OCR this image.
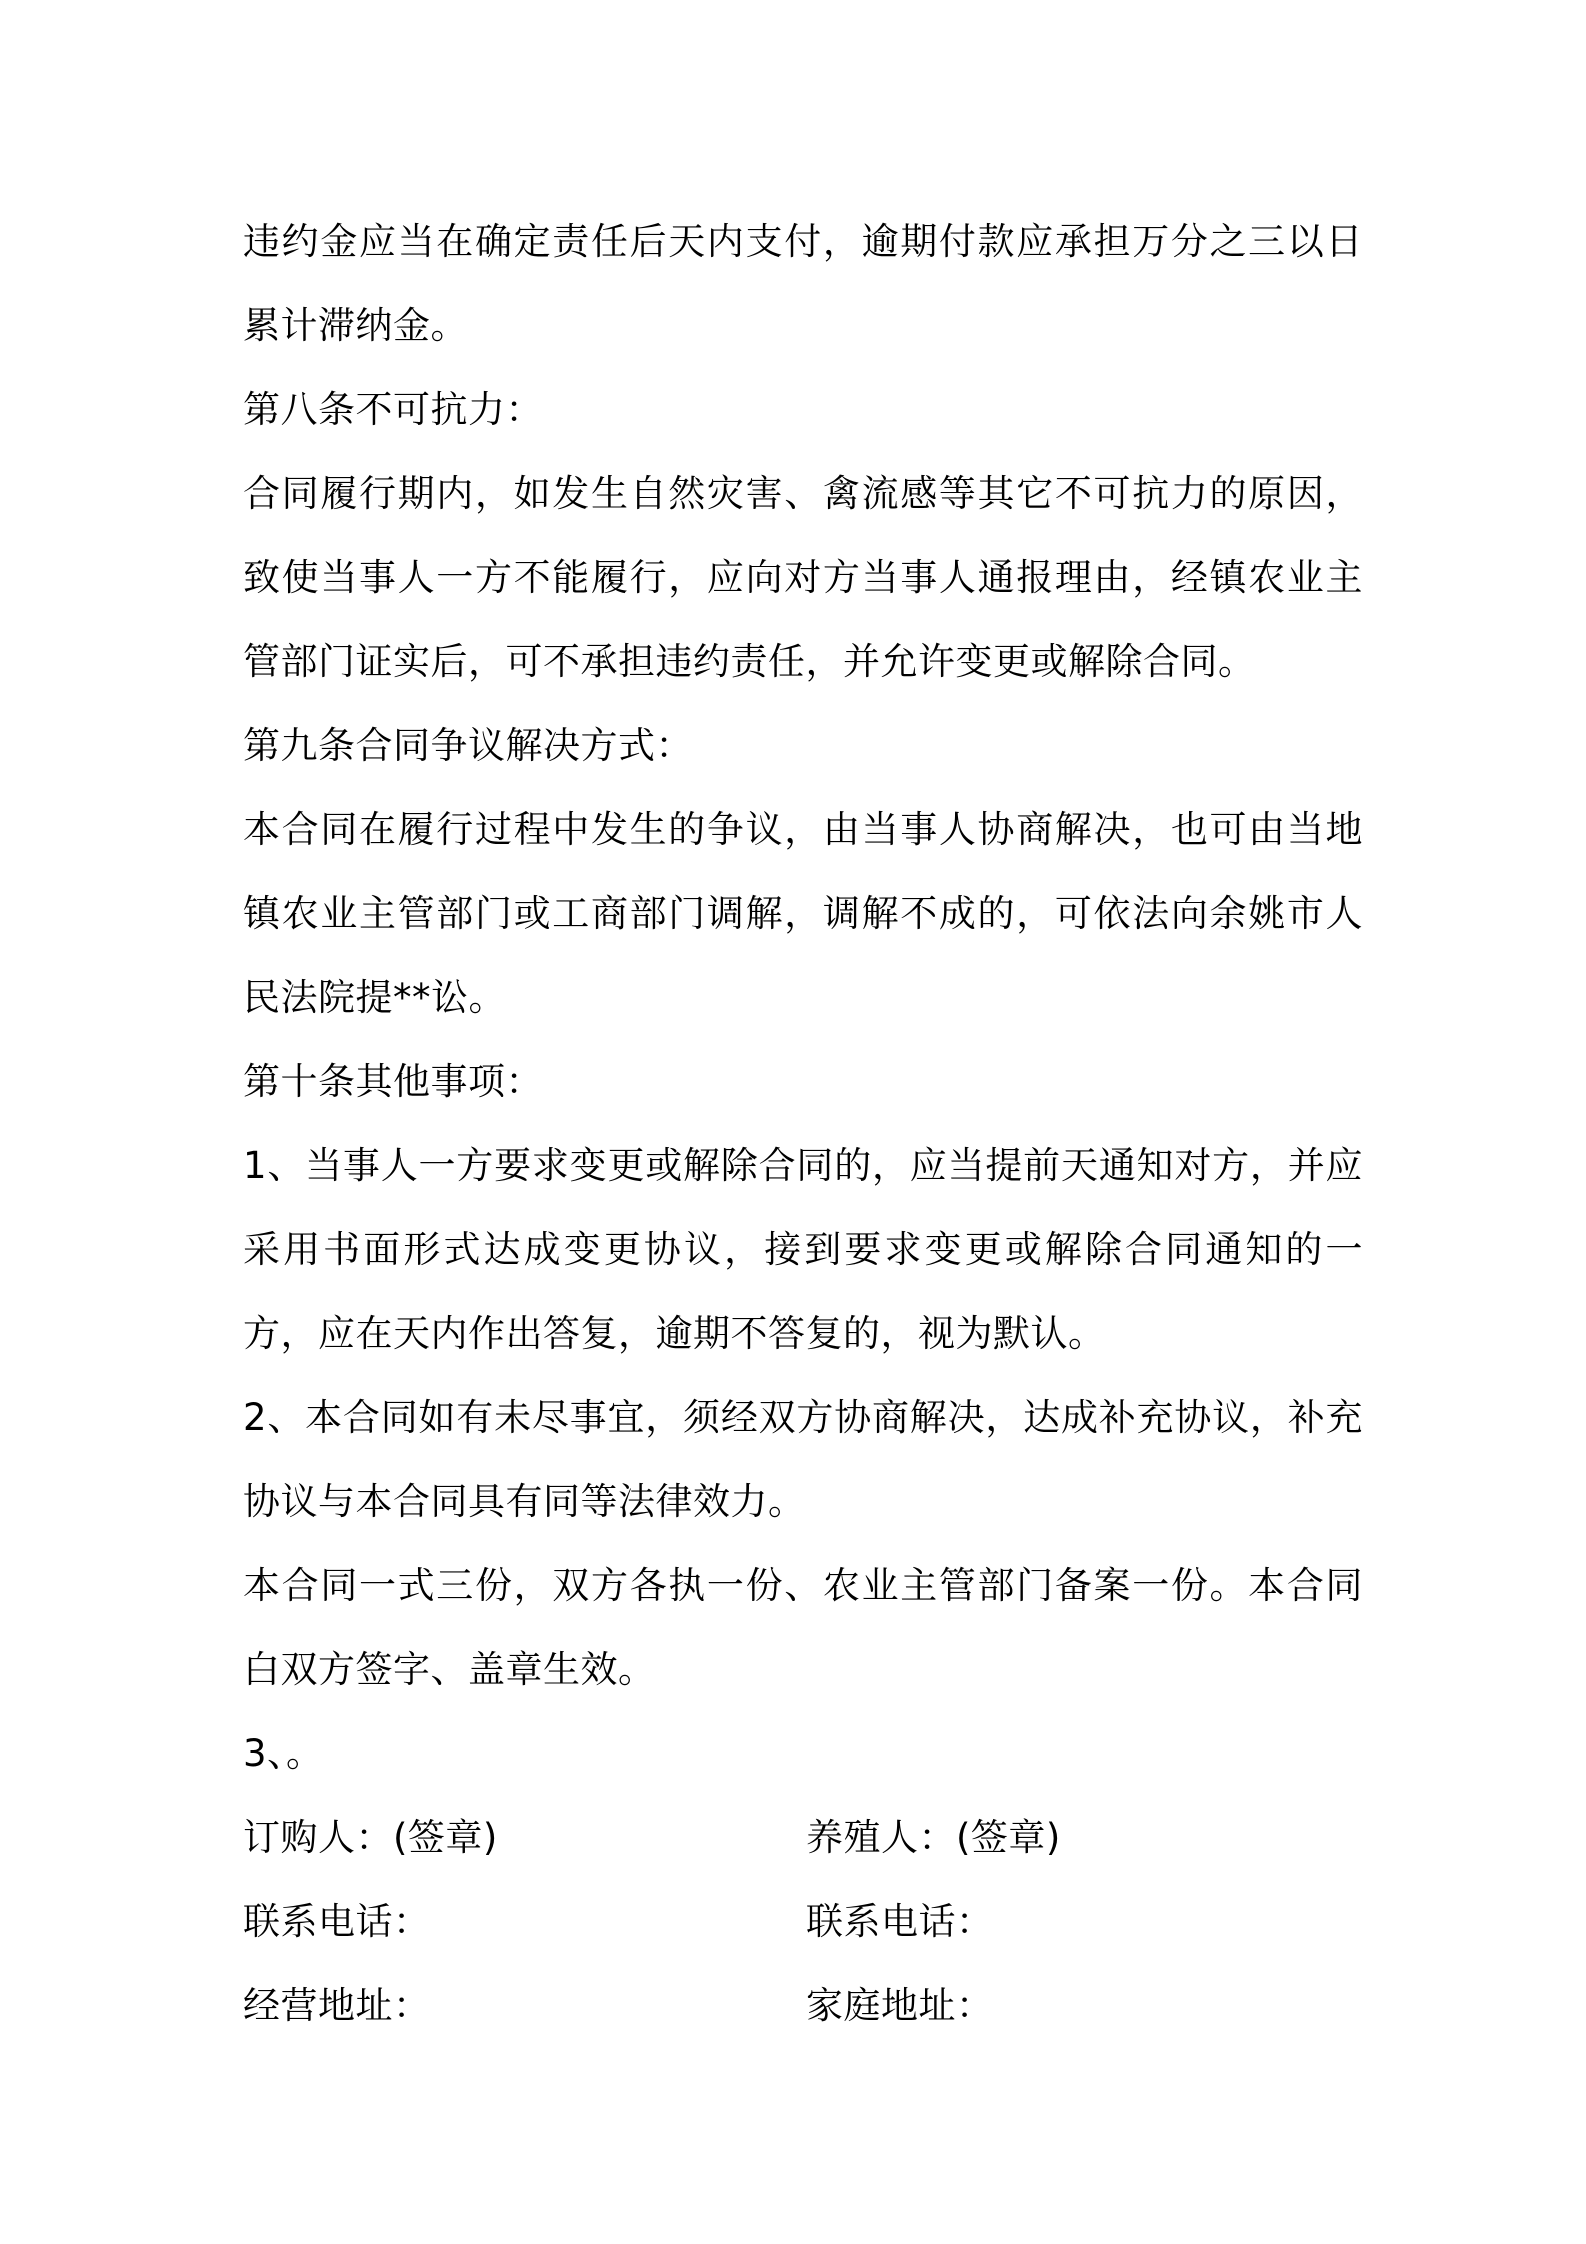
违约金应当在确定责任后天内支付，逾期付款应承担万分之三以日累计滞纳金。

第八条不可抗力：

合同履行期内，如发生自然灾害、禽流感等其它不可抗力的原因，致使当事人一方不能履行，应向对方当事人通报理由，经镇农业主管部门证实后，可不承担违约责任，并允许变更或解除合同。

第九条合同争议解决方式：

本合同在履行过程中发生的争议，由当事人协商解决，也可由当地镇农业主管部门或工商部门调解，调解不成的，可依法向余姚市人民法院提**讼。

第十条其他事项：

1、当事人一方要求变更或解除合同的，应当提前天通知对方，并应采用书面形式达成变更协议，接到要求变更或解除合同通知的一方，应在天内作出答复，逾期不答复的，视为默认。

2、本合同如有未尽事宜，须经双方协商解决，达成补充协议，补充协议与本合同具有同等法律效力。

本合同一式三份，双方各执一份、农业主管部门备案一份。本合同白双方签字、盖章生效。

3、。

订购人：(签章)	养殖人：(签章)
联系电话：	联系电话：
经营地址：	家庭地址：
